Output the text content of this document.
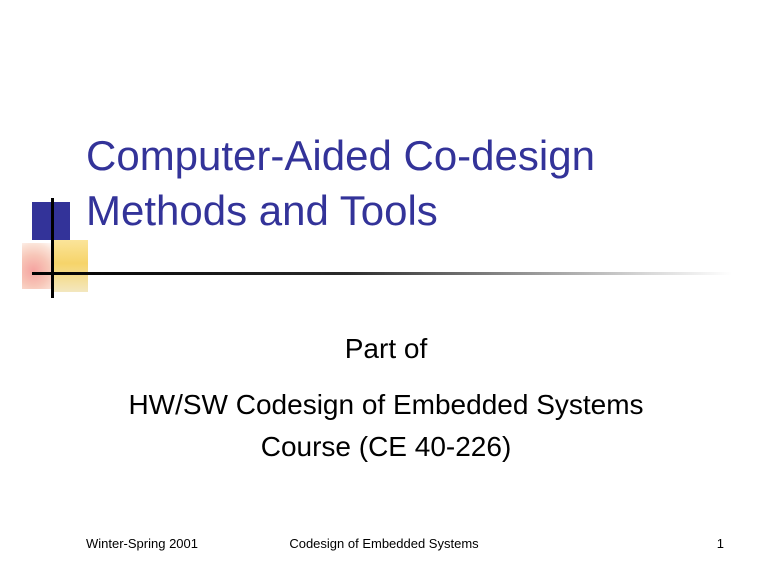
Computer-Aided Co-design
Methods and Tools

Part of

HW/SW Codesign of Embedded Systems Course (CE 40-226)

Winter-Spring 2001	Codesign of Embedded Systems	1
